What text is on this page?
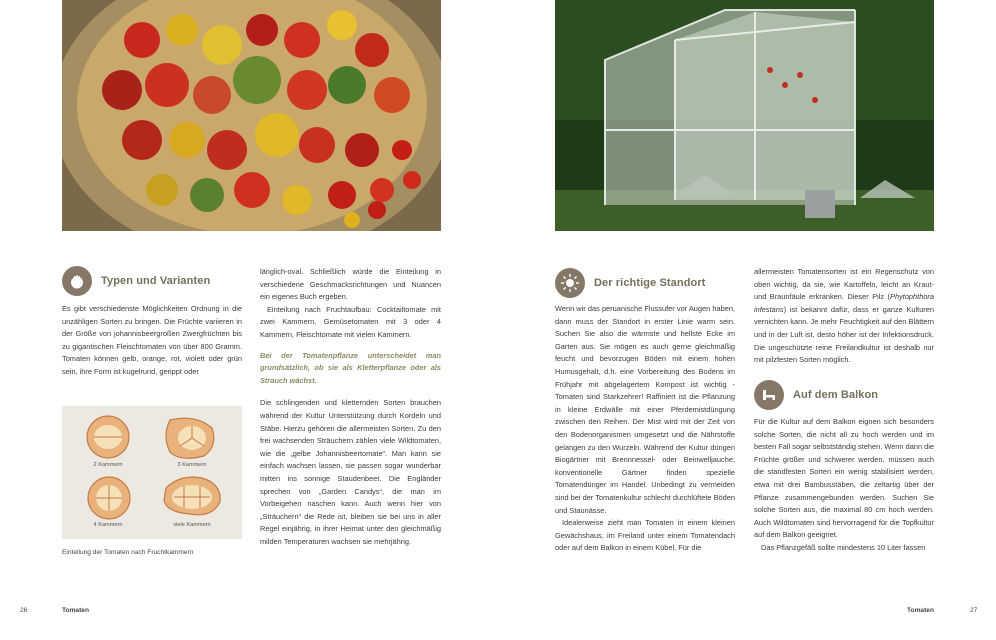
Typen und Varianten

Es gibt verschiedenste Möglichkeiten Ordnung in die unzähligen Sorten zu bringen. Die Früchte variieren in der Größe von johannisbeergroßen Zwergfrüchten bis zu gigantischen Fleischtomaten von über 800 Gramm. Tomaten können gelb, orange, rot, violett oder grün sein, ihre Form ist kugelrund, gerippt oder

2 Kammern	3 Kammern
4 Kammern	viele Kammern
Einteilung der Tomaten nach Fruchtkammern

länglich-oval. Schließlich würde die Einteilung in verschiedene Geschmacksrichtungen und Nuancen ein eigenes Buch ergeben.

Einteilung nach Fruchtaufbau: Cocktailtomate mit zwei Kammern, Gemüsetomaten mit 3 oder 4 Kammern, Fleischtomate mit vielen Kammern.

Bei der Tomatenpflanze unterscheidet man grundsätzlich, ob sie als Kletterpflanze oder als Strauch wächst.

Die schlingenden und kletternden Sorten brauchen während der Kultur Unterstützung durch Kordeln und Stäbe. Hierzu gehören die allermeisten Sorten. Zu den frei wachsenden Sträuchern zählen viele Wildtomaten, wie die „gelbe Johannisbeertomate“. Man kann sie einfach wachsen lassen, sie passen sogar wunderbar mitten ins sonnige Staudenbeet. Die Engländer sprechen von „Garden Candys“, die man im Vorbeigehen naschen kann. Auch wenn hier von „Sträuchern“ die Rede ist, bleiben sie bei uns in aller Regel einjährig, in ihrer Heimat unter den gleichmäßig milden Temperaturen wachsen sie mehrjährig.

26	Tomaten
Der richtige Standort

Wenn wir das peruanische Flussufer vor Augen haben, dann muss der Standort in erster Linie warm sein. Suchen Sie also die wärmste und hellste Ecke im Garten aus. Sie mögen es auch gerne gleichmäßig feucht und bevorzugen Böden mit einem hohen Humusgehalt, d.h. eine Vorbereitung des Bodens im Frühjahr mit abgelagertem Kompost ist wichtig - Tomaten sind Starkzehrer! Raffiniert ist die Pflanzung in kleine Erdwälle mit einer Pferdemistdüngung zwischen den Reihen. Der Mist wird mit der Zeit von den Bodenorganismen umgesetzt und die Nährstoffe gelangen zu den Wurzeln. Während der Kultur düngen Biogärtner mit Brennnessel- oder Beinwelljauche, konventionelle Gärtner finden spezielle Tomatendünger im Handel. Unbedingt zu vermeiden sind bei der Tomatenkultur schlecht durchlüftete Böden und Staunässe.

Idealerweise zieht man Tomaten in einem kleinen Gewächshaus, im Freiland unter einem Tomatendach oder auf dem Balkon in einem Kübel. Für die

allermeisten Tomatensorten ist ein Regenschutz von oben wichtig, da sie, wie Kartoffeln, leicht an Kraut- und Braunfäule erkranken. Dieser Pilz (Phytophthora infestans) ist bekannt dafür, dass er ganze Kulturen vernichten kann. Je mehr Feuchtigkeit auf den Blättern und in der Luft ist, desto höher ist der Infektionsdruck. Die ungeschützte reine Freilandkultur ist deshalb nur mit pilzfesten Sorten möglich.

Auf dem Balkon

Für die Kultur auf dem Balkon eignen sich besonders solche Sorten, die nicht all zu hoch werden und im besten Fall sogar selbstständig stehen. Wenn dann die Früchte größer und schwerer werden, müssen auch die standfesten Sorten ein wenig stabilisiert werden, etwa mit drei Bambusstäben, die zeltartig über der Pflanze zusammengebunden werden. Suchen Sie solche Sorten aus, die maximal 80 cm hoch werden. Auch Wildtomaten sind hervorragend für die Topfkultur auf dem Balkon geeignet.

Das Pflanzgefäß sollte mindestens 10 Liter fassen

Tomaten	27
